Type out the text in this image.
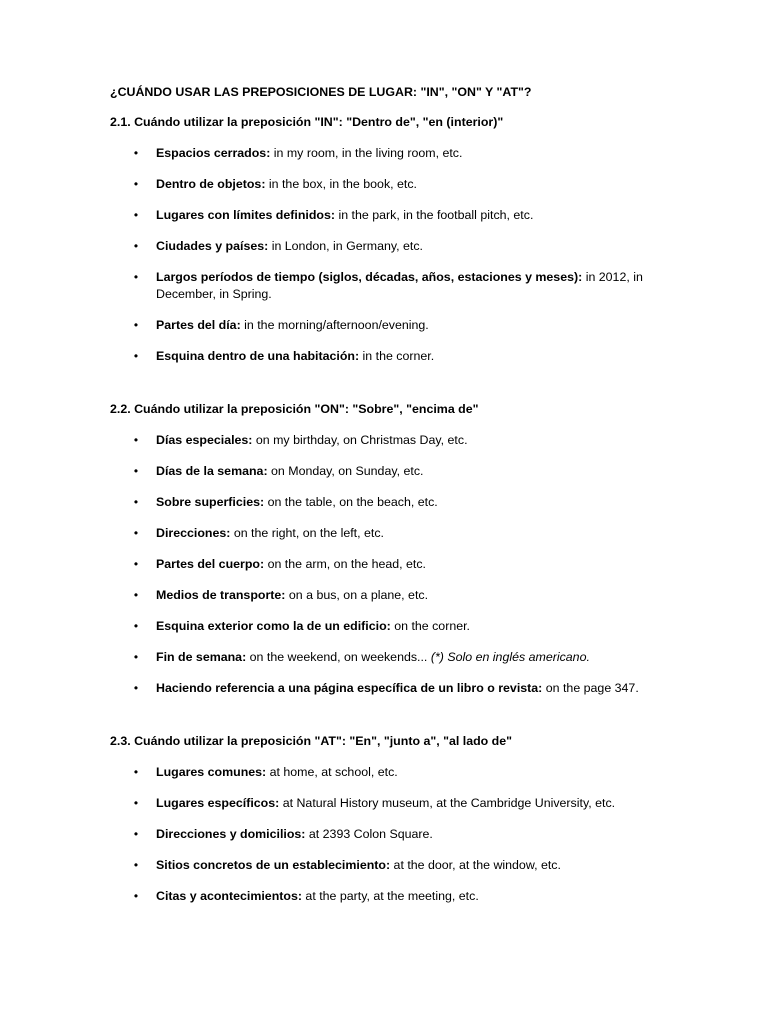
¿CUÁNDO USAR LAS PREPOSICIONES DE LUGAR: "IN", "ON" Y "AT"?

2.1. Cuándo utilizar la preposición "IN": "Dentro de", "en (interior)"

• Espacios cerrados: in my room, in the living room, etc.
• Dentro de objetos: in the box, in the book, etc.
• Lugares con límites definidos: in the park, in the football pitch, etc.
• Ciudades y países: in London, in Germany, etc.
• Largos períodos de tiempo (siglos, décadas, años, estaciones y meses): in 2012, in December, in Spring.
• Partes del día: in the morning/afternoon/evening.
• Esquina dentro de una habitación: in the corner.

2.2. Cuándo utilizar la preposición "ON": "Sobre", "encima de"

• Días especiales: on my birthday, on Christmas Day, etc.
• Días de la semana: on Monday, on Sunday, etc.
• Sobre superficies: on the table, on the beach, etc.
• Direcciones: on the right, on the left, etc.
• Partes del cuerpo: on the arm, on the head, etc.
• Medios de transporte: on a bus, on a plane, etc.
• Esquina exterior como la de un edificio: on the corner.
• Fin de semana: on the weekend, on weekends... (*) Solo en inglés americano.
• Haciendo referencia a una página específica de un libro o revista: on the page 347.

2.3. Cuándo utilizar la preposición "AT": "En", "junto a", "al lado de"

• Lugares comunes: at home, at school, etc.
• Lugares específicos: at Natural History museum, at the Cambridge University, etc.
• Direcciones y domicilios: at 2393 Colon Square.
• Sitios concretos de un establecimiento: at the door, at the window, etc.
• Citas y acontecimientos: at the party, at the meeting, etc.
